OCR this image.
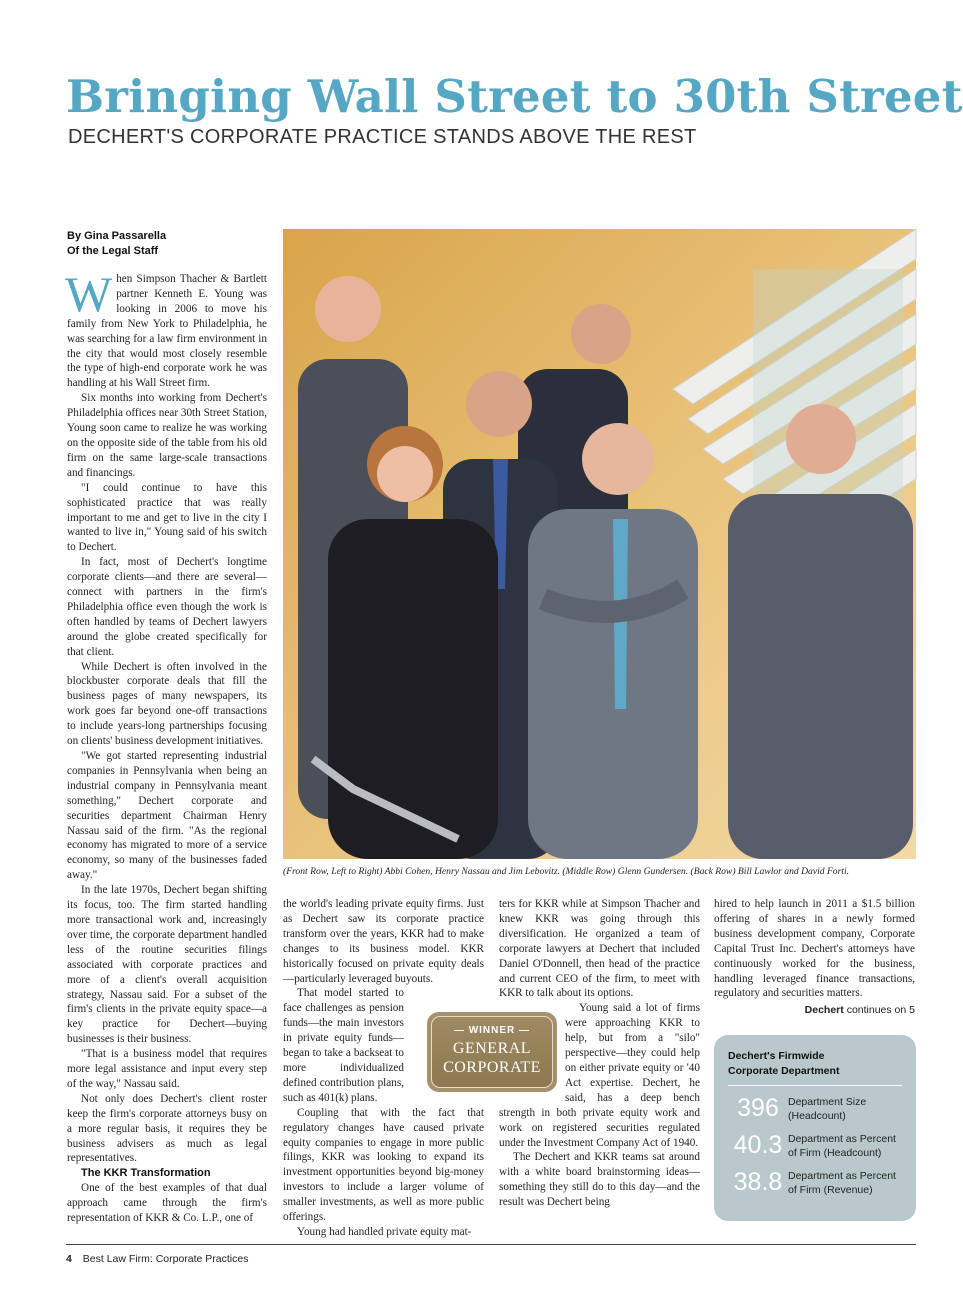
Bringing Wall Street to 30th Street
DECHERT'S CORPORATE PRACTICE STANDS ABOVE THE REST
By Gina Passarella
Of the Legal Staff

When Simpson Thacher & Bartlett partner Kenneth E. Young was looking in 2006 to move his family from New York to Philadelphia, he was searching for a law firm environment in the city that would most closely resemble the type of high-end corporate work he was handling at his Wall Street firm.

Six months into working from Dechert's Philadelphia offices near 30th Street Station, Young soon came to realize he was working on the opposite side of the table from his old firm on the same large-scale transactions and financings.

"I could continue to have this sophisticated practice that was really important to me and get to live in the city I wanted to live in," Young said of his switch to Dechert.

In fact, most of Dechert's longtime corporate clients—and there are several—connect with partners in the firm's Philadelphia office even though the work is often handled by teams of Dechert lawyers around the globe created specifically for that client.

While Dechert is often involved in the blockbuster corporate deals that fill the business pages of many newspapers, its work goes far beyond one-off transactions to include years-long partnerships focusing on clients' business development initiatives.

"We got started representing industrial companies in Pennsylvania when being an industrial company in Pennsylvania meant something," Dechert corporate and securities department Chairman Henry Nassau said of the firm. "As the regional economy has migrated to more of a service economy, so many of the businesses faded away."

In the late 1970s, Dechert began shifting its focus, too. The firm started handling more transactional work and, increasingly over time, the corporate department handled less of the routine securities filings associated with corporate practices and more of a client's overall acquisition strategy, Nassau said. For a subset of the firm's clients in the private equity space—a key practice for Dechert—buying businesses is their business.

"That is a business model that requires more legal assistance and input every step of the way," Nassau said.

Not only does Dechert's client roster keep the firm's corporate attorneys busy on a more regular basis, it requires they be business advisers as much as legal representatives.

The KKR Transformation

One of the best examples of that dual approach came through the firm's representation of KKR & Co. L.P., one of

(Front Row, Left to Right) Abbi Cohen, Henry Nassau and Jim Lebovitz. (Middle Row) Glenn Gundersen. (Back Row) Bill Lawlor and David Forti.

the world's leading private equity firms. Just as Dechert saw its corporate practice transform over the years, KKR had to make changes to its business model. KKR historically focused on private equity deals—particularly leveraged buyouts.

That model started to face challenges as pension funds—the main investors in private equity funds—began to take a backseat to more individualized defined contribution plans, such as 401(k) plans.

Coupling that with the fact that regulatory changes have caused private equity companies to engage in more public filings, KKR was looking to expand its investment opportunities beyond big-money investors to include a larger volume of smaller investments, as well as more public offerings.

Young had handled private equity mat-

ters for KKR while at Simpson Thacher and knew KKR was going through this diversification. He organized a team of corporate lawyers at Dechert that included Daniel O'Donnell, then head of the practice and current CEO of the firm, to meet with KKR to talk about its options.

Young said a lot of firms were approaching KKR to help, but from a "silo" perspective—they could help on either private equity or '40 Act expertise. Dechert, he said, has a deep bench strength in both private equity work and work on registered securities regulated under the Investment Company Act of 1940.

The Dechert and KKR teams sat around with a white board brainstorming ideas—something they still do to this day—and the result was Dechert being

— WINNER —
GENERAL
CORPORATE

hired to help launch in 2011 a $1.5 billion offering of shares in a newly formed business development company, Corporate Capital Trust Inc. Dechert's attorneys have continuously worked for the business, handling leveraged finance transactions, regulatory and securities matters.

Dechert continues on 5
Dechert's Firmwide
Corporate Department
396 Department Size
(Headcount)
40.3 Department as Percent
of Firm (Headcount)
38.8 Department as Percent
of Firm (Revenue)
4 Best Law Firm: Corporate Practices
